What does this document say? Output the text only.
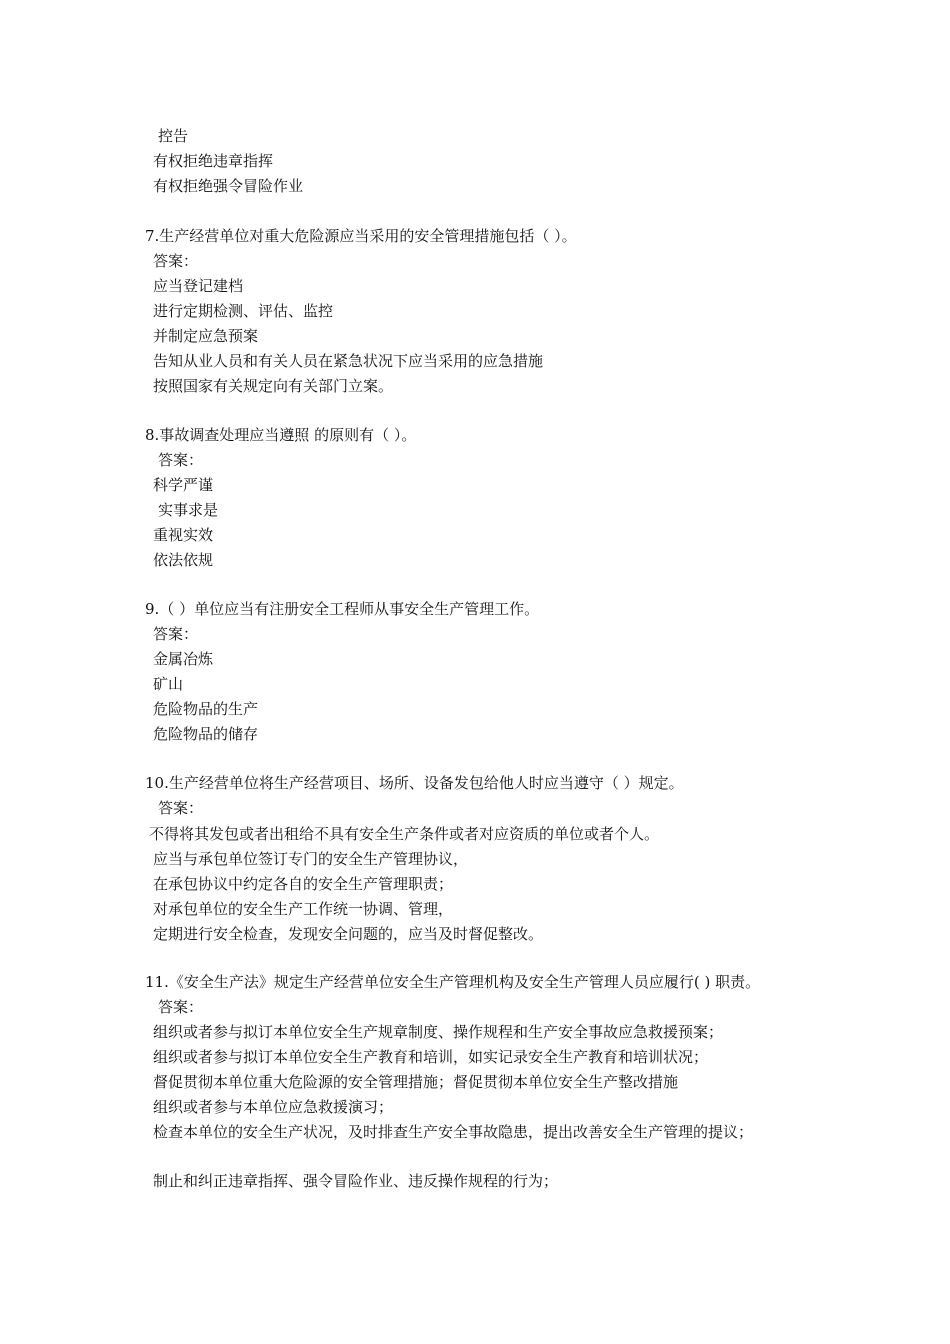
控告
有权拒绝违章指挥
有权拒绝强令冒险作业
7.生产经营单位对重大危险源应当采用的安全管理措施包括（ ）。
答案：
应当登记建档
进行定期检测、评估、监控
并制定应急预案
告知从业人员和有关人员在紧急状况下应当采用的应急措施
按照国家有关规定向有关部门立案。
8.事故调查处理应当遵照 的原则有（ ）。
答案：
科学严谨
实事求是
重视实效
依法依规
9.（ ）单位应当有注册安全工程师从事安全生产管理工作。
答案：
金属冶炼
矿山
危险物品的生产
危险物品的储存
10.生产经营单位将生产经营项目、场所、设备发包给他人时应当遵守（ ）规定。
答案：
不得将其发包或者出租给不具有安全生产条件或者对应资质的单位或者个人。
应当与承包单位签订专门的安全生产管理协议，
在承包协议中约定各自的安全生产管理职责；
对承包单位的安全生产工作统一协调、管理，
定期进行安全检查，发现安全问题的，应当及时督促整改。
11.《安全生产法》规定生产经营单位安全生产管理机构及安全生产管理人员应履行( ) 职责。
答案：
组织或者参与拟订本单位安全生产规章制度、操作规程和生产安全事故应急救援预案；
组织或者参与拟订本单位安全生产教育和培训，如实记录安全生产教育和培训状况；
督促贯彻本单位重大危险源的安全管理措施；督促贯彻本单位安全生产整改措施
组织或者参与本单位应急救援演习；
检查本单位的安全生产状况，及时排查生产安全事故隐患，提出改善安全生产管理的提议；
制止和纠正违章指挥、强令冒险作业、违反操作规程的行为；
